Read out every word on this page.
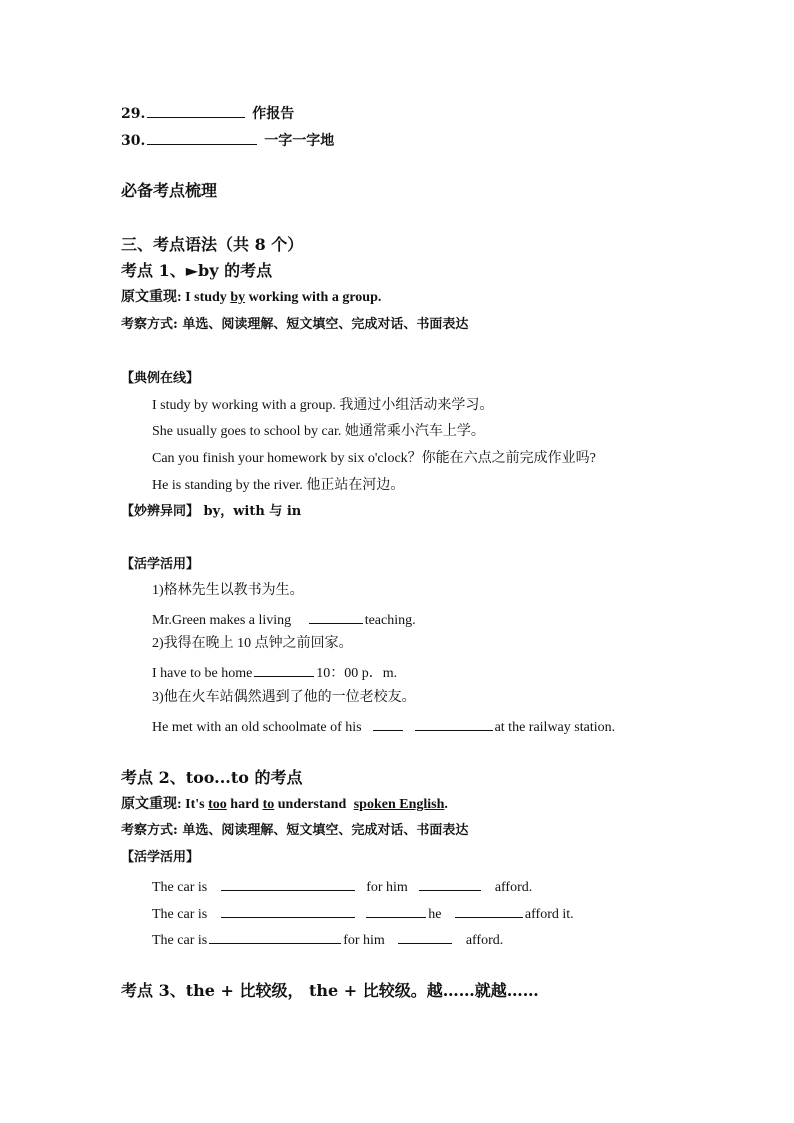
29.	作报告
30.	一字一字地
必备考点梳理
三、考点语法（共 8 个）
考点 1、►by 的考点
原文重现: I study by working with a group.
考察方式: 单选、阅读理解、短文填空、完成对话、书面表达
【典例在线】
I study by working with a group. 我通过小组活动来学习。
She usually goes to school by car. 她通常乘小汽车上学。
Can you finish your homework by six o'clock？你能在六点之前完成作业吗?
He is standing by the river. 他正站在河边。
【妙辨异同】 by，with 与 in
【活学活用】
1)格林先生以教书为生。
Mr.Green makes a living	teaching.
2)我得在晚上 10 点钟之前回家。
I have to be home	10：00 p．m.
3)他在火车站偶然遇到了他的一位老校友。
He met with an old schoolmate of his	at the railway station.
考点 2、too...to 的考点
原文重现: It's too hard to understand spoken English.
考察方式: 单选、阅读理解、短文填空、完成对话、书面表达
【活学活用】
The car is	for him	afford.
The car is	he	afford it.
The car is	for him	afford.
考点 3、the + 比较级， the + 比较级。越……就越……
